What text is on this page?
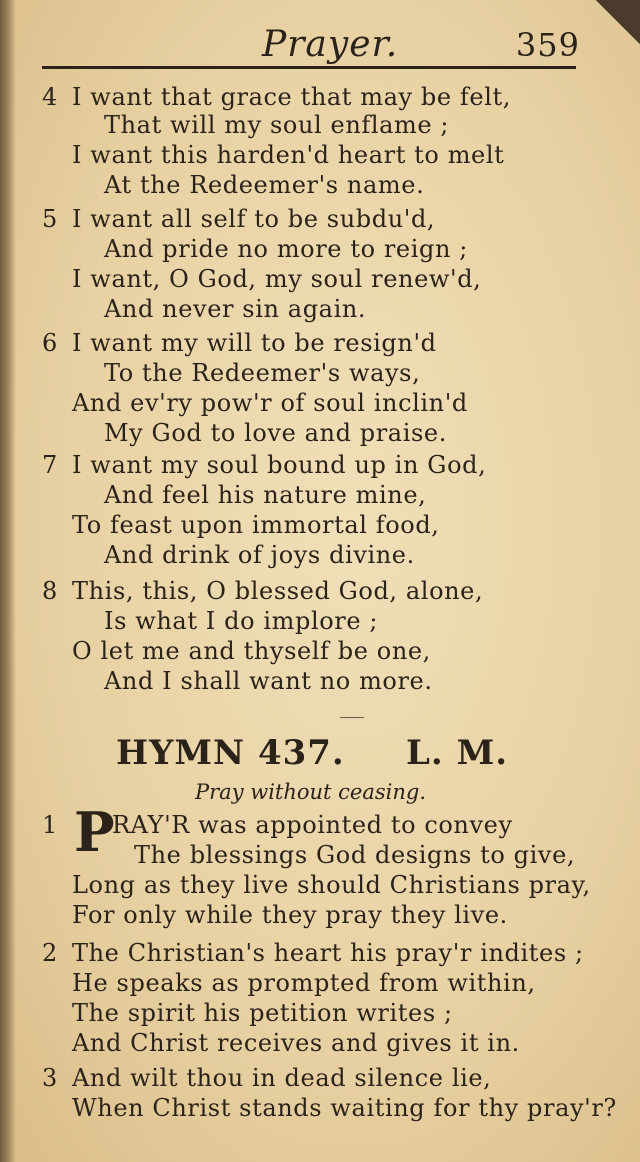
Prayer.	359
4 I want that grace that may be felt,
That will my soul enflame ;
I want this harden'd heart to melt
At the Redeemer's name.
5 I want all self to be subdu'd,
And pride no more to reign ;
I want, O God, my soul renew'd,
And never sin again.
6 I want my will to be resign'd
To the Redeemer's ways,
And ev'ry pow'r of soul inclin'd
My God to love and praise.
7 I want my soul bound up in God,
And feel his nature mine,
To feast upon immortal food,
And drink of joys divine.
8 This, this, O blessed God, alone,
Is what I do implore ;
O let me and thyself be one,
And I shall want no more.
HYMN 437. L. M.
Pray without ceasing.
1 P
RAY'R was appointed to convey
The blessings God designs to give,
Long as they live should Christians pray,
For only while they pray they live.
2 The Christian's heart his pray'r indites ;
He speaks as prompted from within,
The spirit his petition writes ;
And Christ receives and gives it in.
3 And wilt thou in dead silence lie,
When Christ stands waiting for thy pray'r?
